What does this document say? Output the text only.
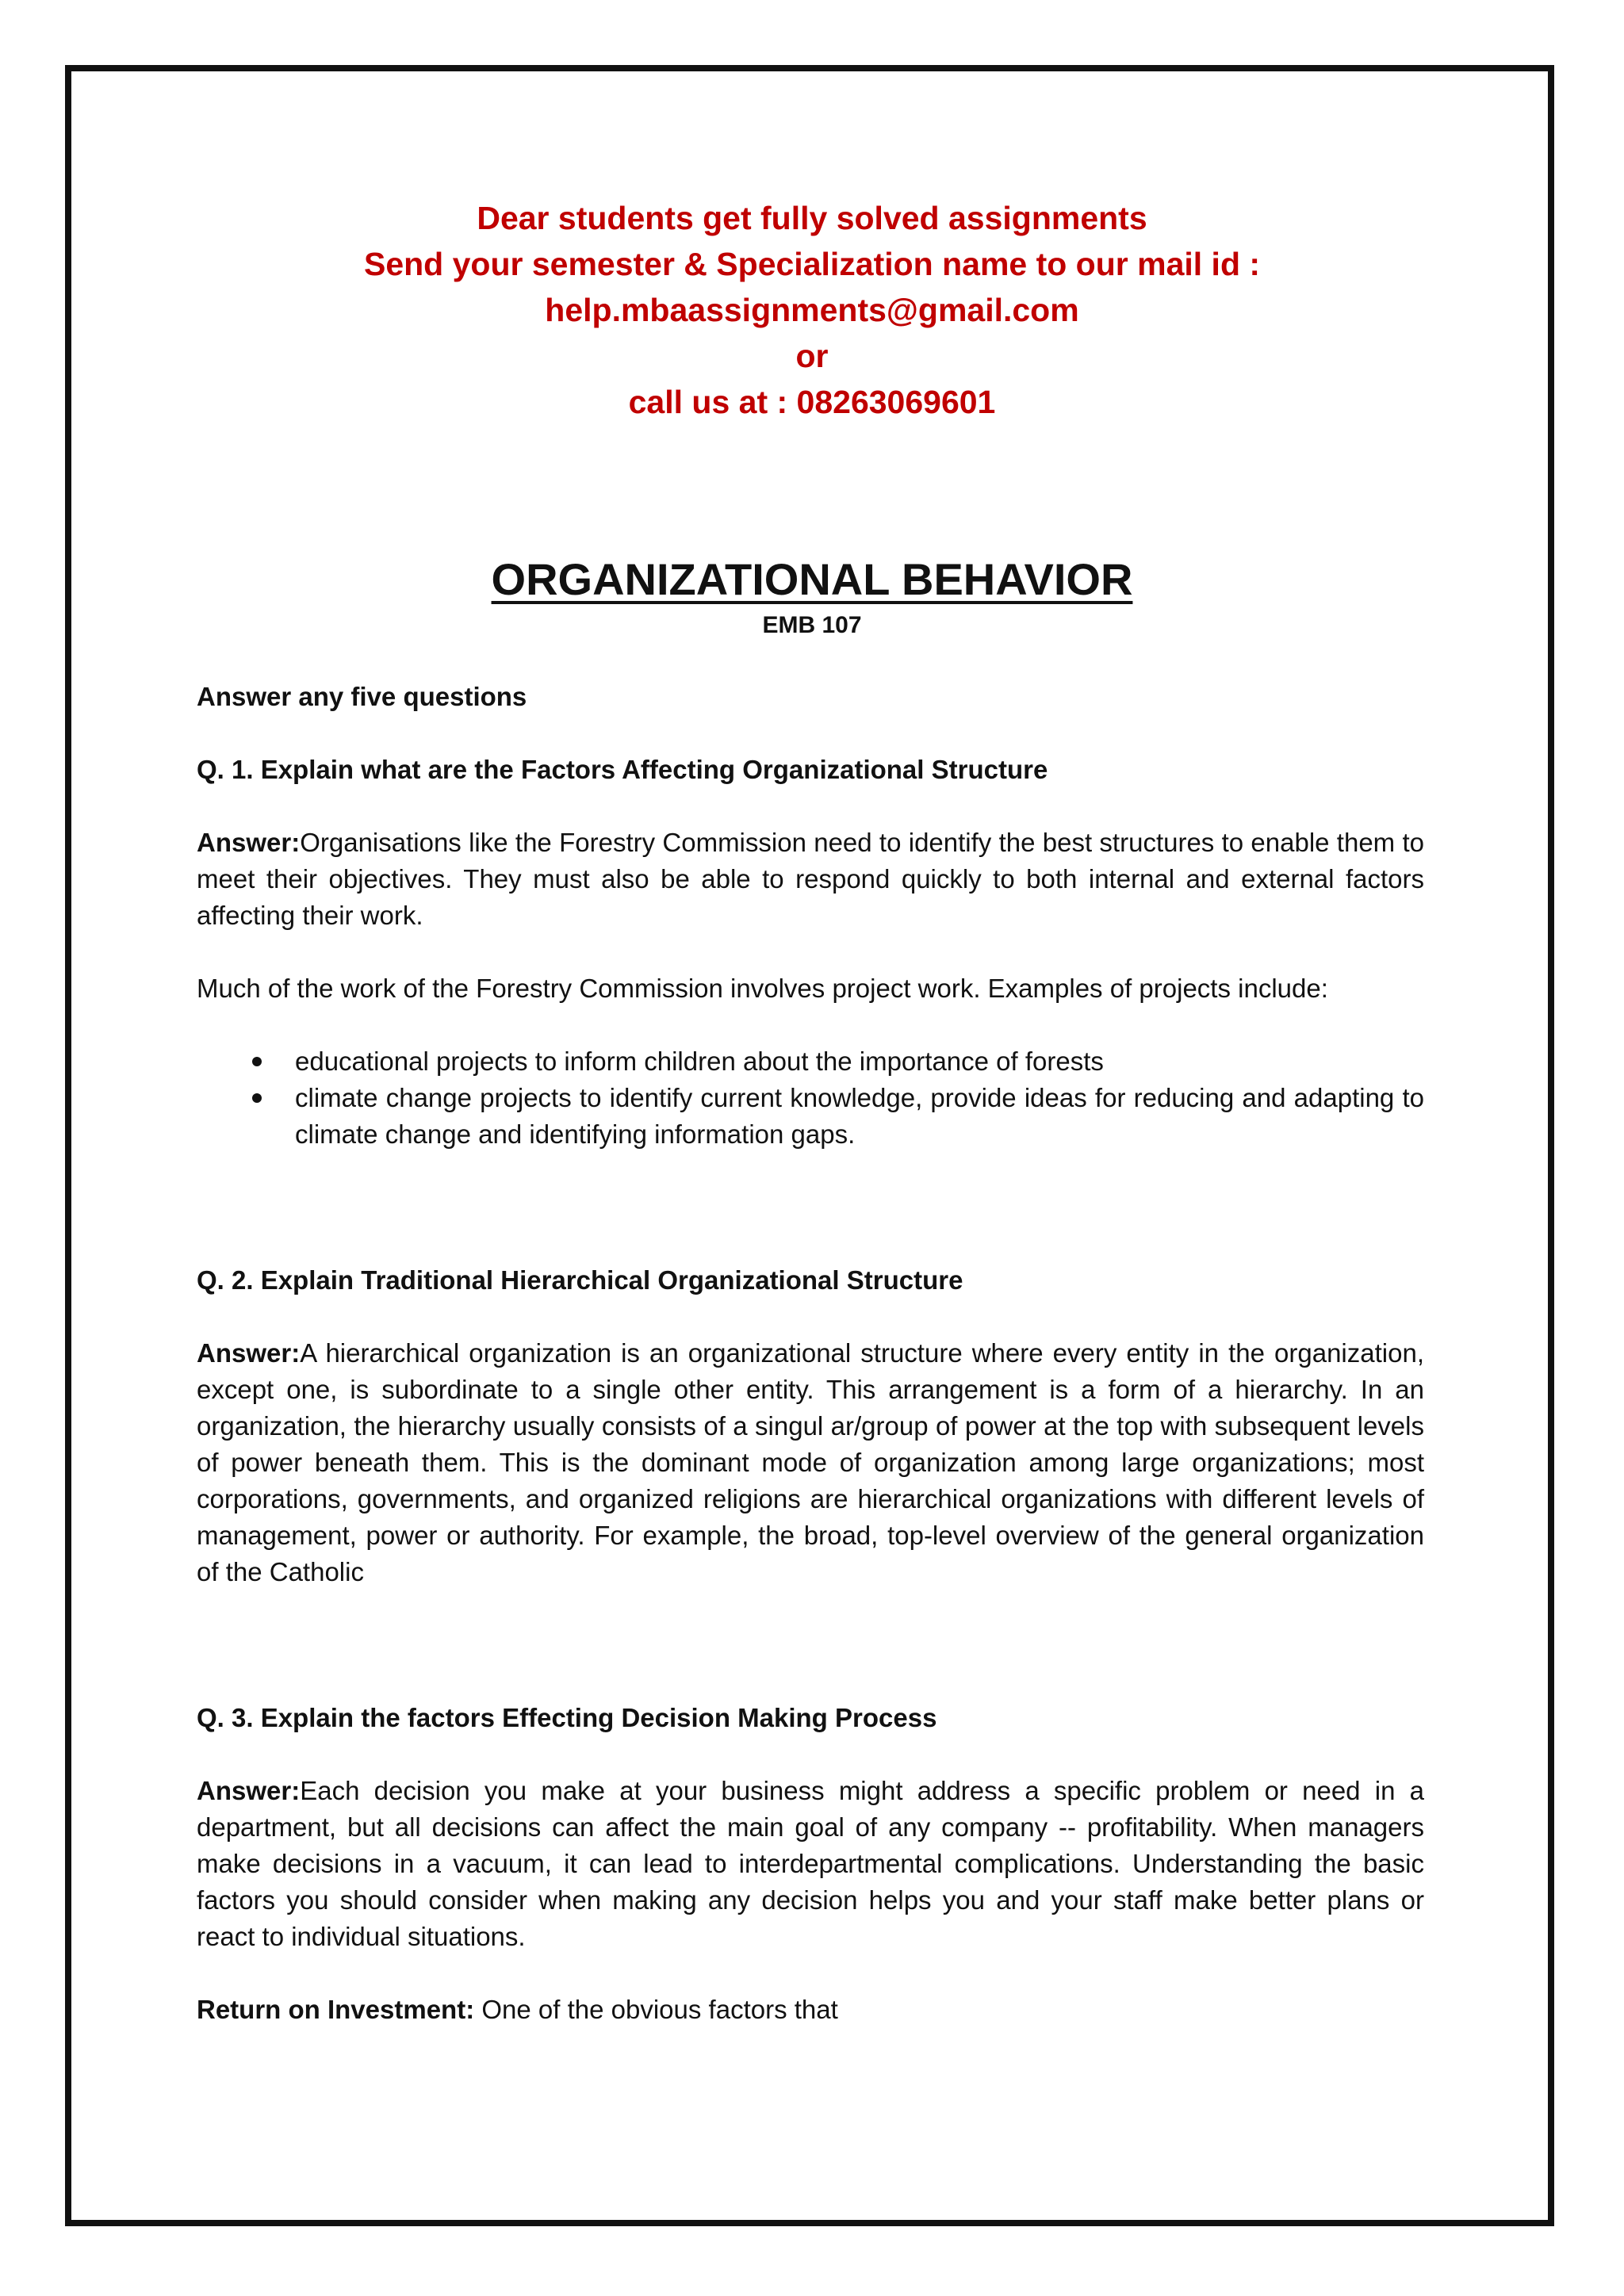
Dear students get fully solved assignments
Send your semester & Specialization name to our mail id :
help.mbaassignments@gmail.com
or
call us at : 08263069601
ORGANIZATIONAL BEHAVIOR
EMB 107

Answer any five questions

Q. 1. Explain what are the Factors Affecting Organizational Structure

Answer:Organisations like the Forestry Commission need to identify the best structures to enable them to meet their objectives. They must also be able to respond quickly to both internal and external factors affecting their work.

Much of the work of the Forestry Commission involves project work. Examples of projects include:

educational projects to inform children about the importance of forests
climate change projects to identify current knowledge, provide ideas for reducing and adapting to climate change and identifying information gaps.

Q. 2. Explain Traditional Hierarchical Organizational Structure

Answer:A hierarchical organization is an organizational structure where every entity in the organization, except one, is subordinate to a single other entity. This arrangement is a form of a hierarchy. In an organization, the hierarchy usually consists of a singul ar/group of power at the top with subsequent levels of power beneath them. This is the dominant mode of organization among large organizations; most corporations, governments, and organized religions are hierarchical organizations with different levels of management, power or authority. For example, the broad, top-level overview of the general organization of the Catholic

Q. 3. Explain the factors Effecting Decision Making Process

Answer:Each decision you make at your business might address a specific problem or need in a department, but all decisions can affect the main goal of any company -- profitability. When managers make decisions in a vacuum, it can lead to interdepartmental complications. Understanding the basic factors you should consider when making any decision helps you and your staff make better plans or react to individual situations.

Return on Investment: One of the obvious factors that
